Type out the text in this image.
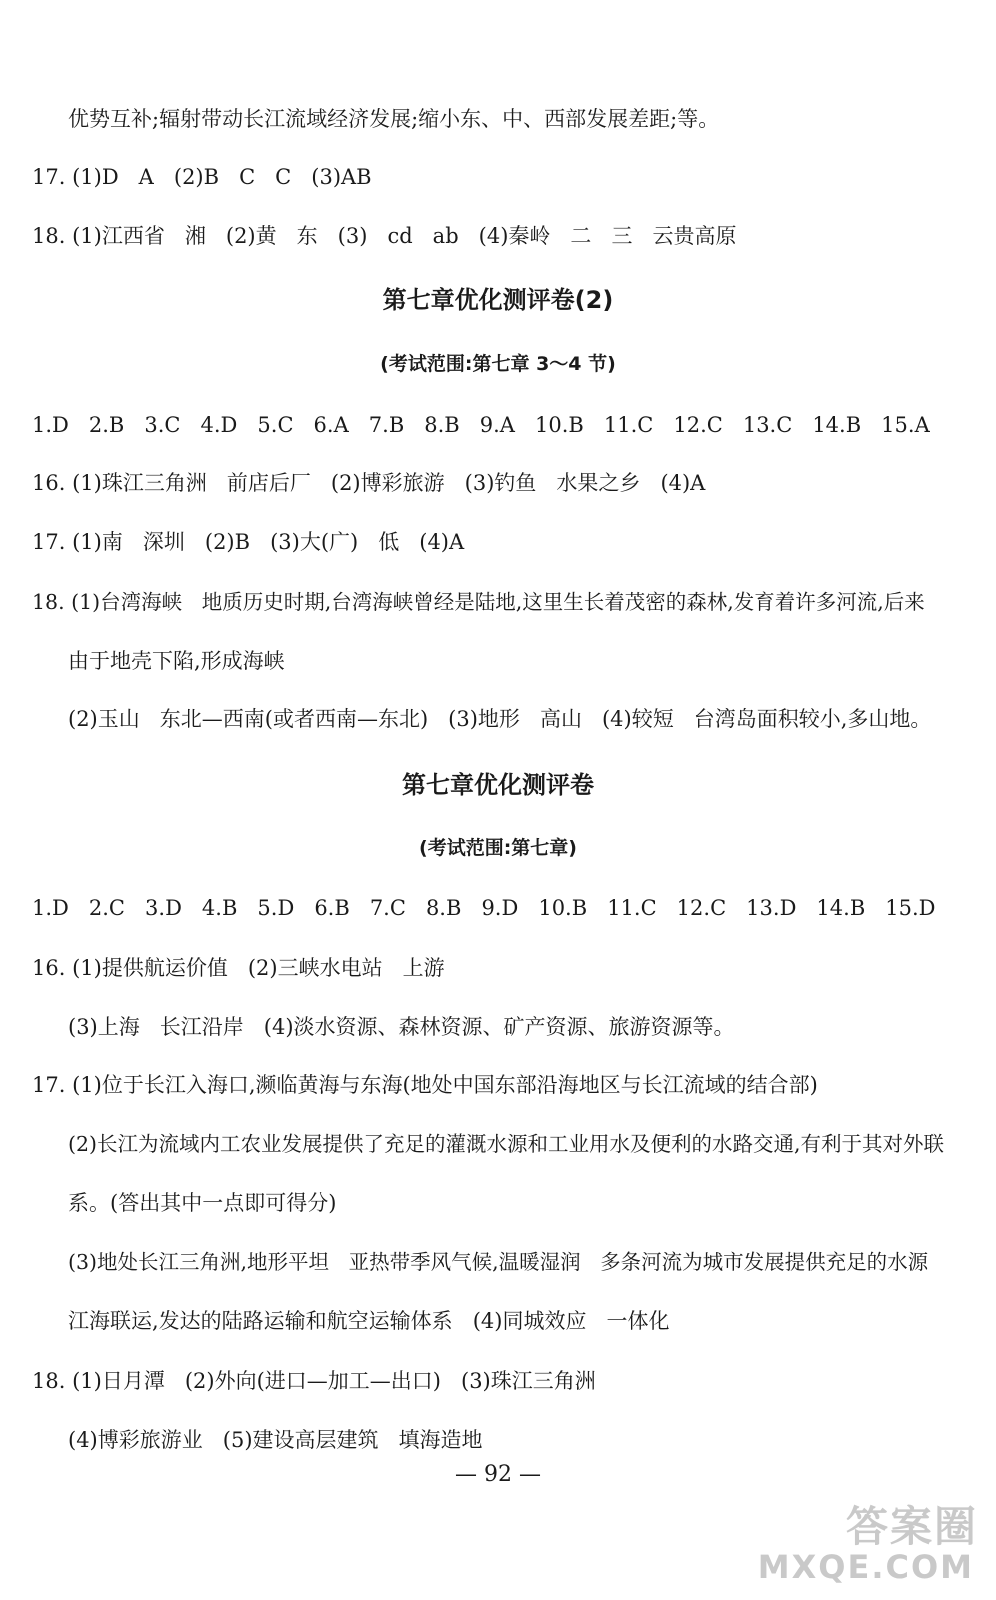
优势互补;辐射带动长江流域经济发展;缩小东、中、西部发展差距;等。
17. (1)D   A   (2)B   C   C   (3)AB
18. (1)江西省   湘   (2)黄   东   (3)   cd   ab   (4)秦岭   二   三   云贵高原
第七章优化测评卷(2)
(考试范围:第七章 3～4 节)
1.D   2.B   3.C   4.D   5.C   6.A   7.B   8.B   9.A   10.B   11.C   12.C   13.C   14.B   15.A
16. (1)珠江三角洲   前店后厂   (2)博彩旅游   (3)钓鱼   水果之乡   (4)A
17. (1)南   深圳   (2)B   (3)大(广)   低   (4)A
18. (1)台湾海峡   地质历史时期,台湾海峡曾经是陆地,这里生长着茂密的森林,发育着许多河流,后来
由于地壳下陷,形成海峡
(2)玉山   东北—西南(或者西南—东北)   (3)地形   高山   (4)较短   台湾岛面积较小,多山地。
第七章优化测评卷
(考试范围:第七章)
1.D   2.C   3.D   4.B   5.D   6.B   7.C   8.B   9.D   10.B   11.C   12.C   13.D   14.B   15.D
16. (1)提供航运价值   (2)三峡水电站   上游
(3)上海   长江沿岸   (4)淡水资源、森林资源、矿产资源、旅游资源等。
17. (1)位于长江入海口,濒临黄海与东海(地处中国东部沿海地区与长江流域的结合部)
(2)长江为流域内工农业发展提供了充足的灌溉水源和工业用水及便利的水路交通,有利于其对外联
系。(答出其中一点即可得分)
(3)地处长江三角洲,地形平坦   亚热带季风气候,温暖湿润   多条河流为城市发展提供充足的水源
江海联运,发达的陆路运输和航空运输体系   (4)同城效应   一体化
18. (1)日月潭   (2)外向(进口—加工—出口)   (3)珠江三角洲
(4)博彩旅游业   (5)建设高层建筑   填海造地
— 92 —
答案圈
MXQE.COM
